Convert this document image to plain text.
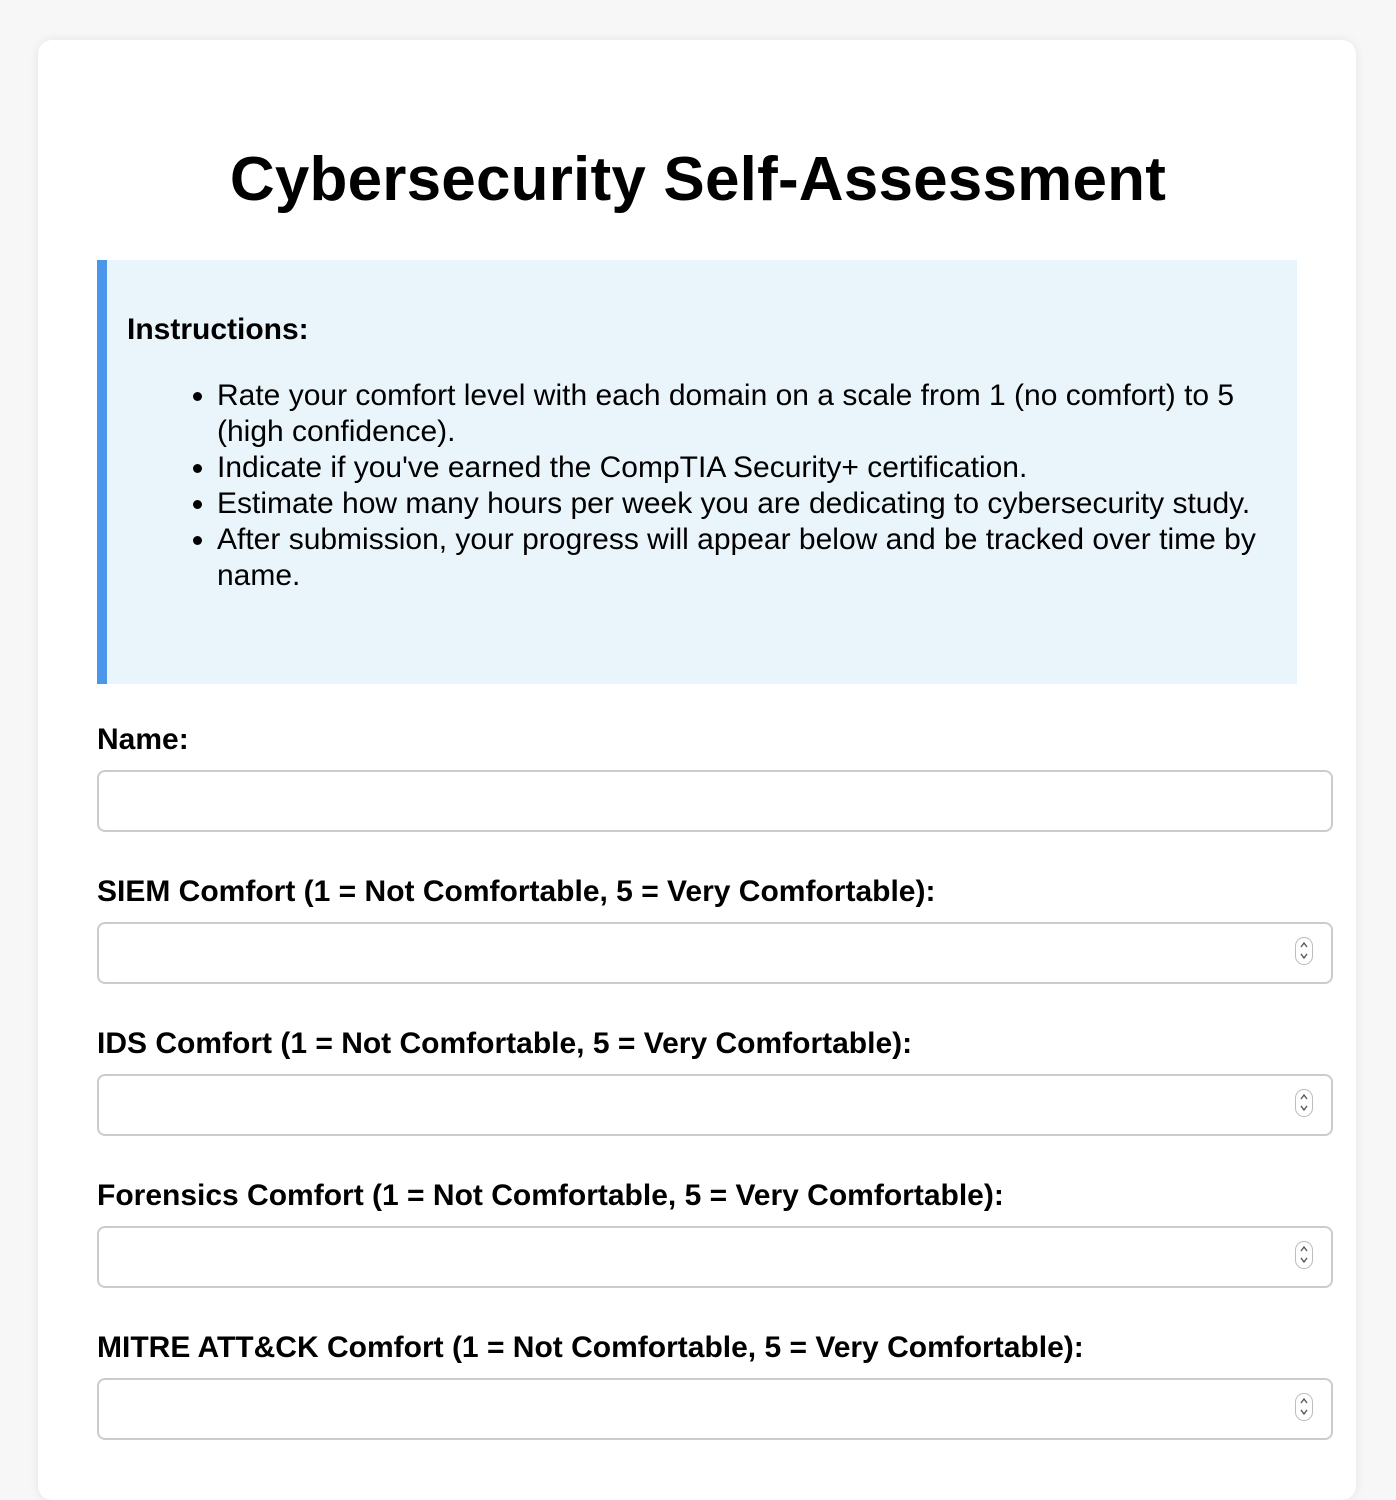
Cybersecurity Self-Assessment

Instructions:

• Rate your comfort level with each domain on a scale from 1 (no comfort) to 5 (high confidence).
• Indicate if you've earned the CompTIA Security+ certification.
• Estimate how many hours per week you are dedicating to cybersecurity study.
• After submission, your progress will appear below and be tracked over time by name.
Name:
SIEM Comfort (1 = Not Comfortable, 5 = Very Comfortable):
IDS Comfort (1 = Not Comfortable, 5 = Very Comfortable):
Forensics Comfort (1 = Not Comfortable, 5 = Very Comfortable):
MITRE ATT&CK Comfort (1 = Not Comfortable, 5 = Very Comfortable):
